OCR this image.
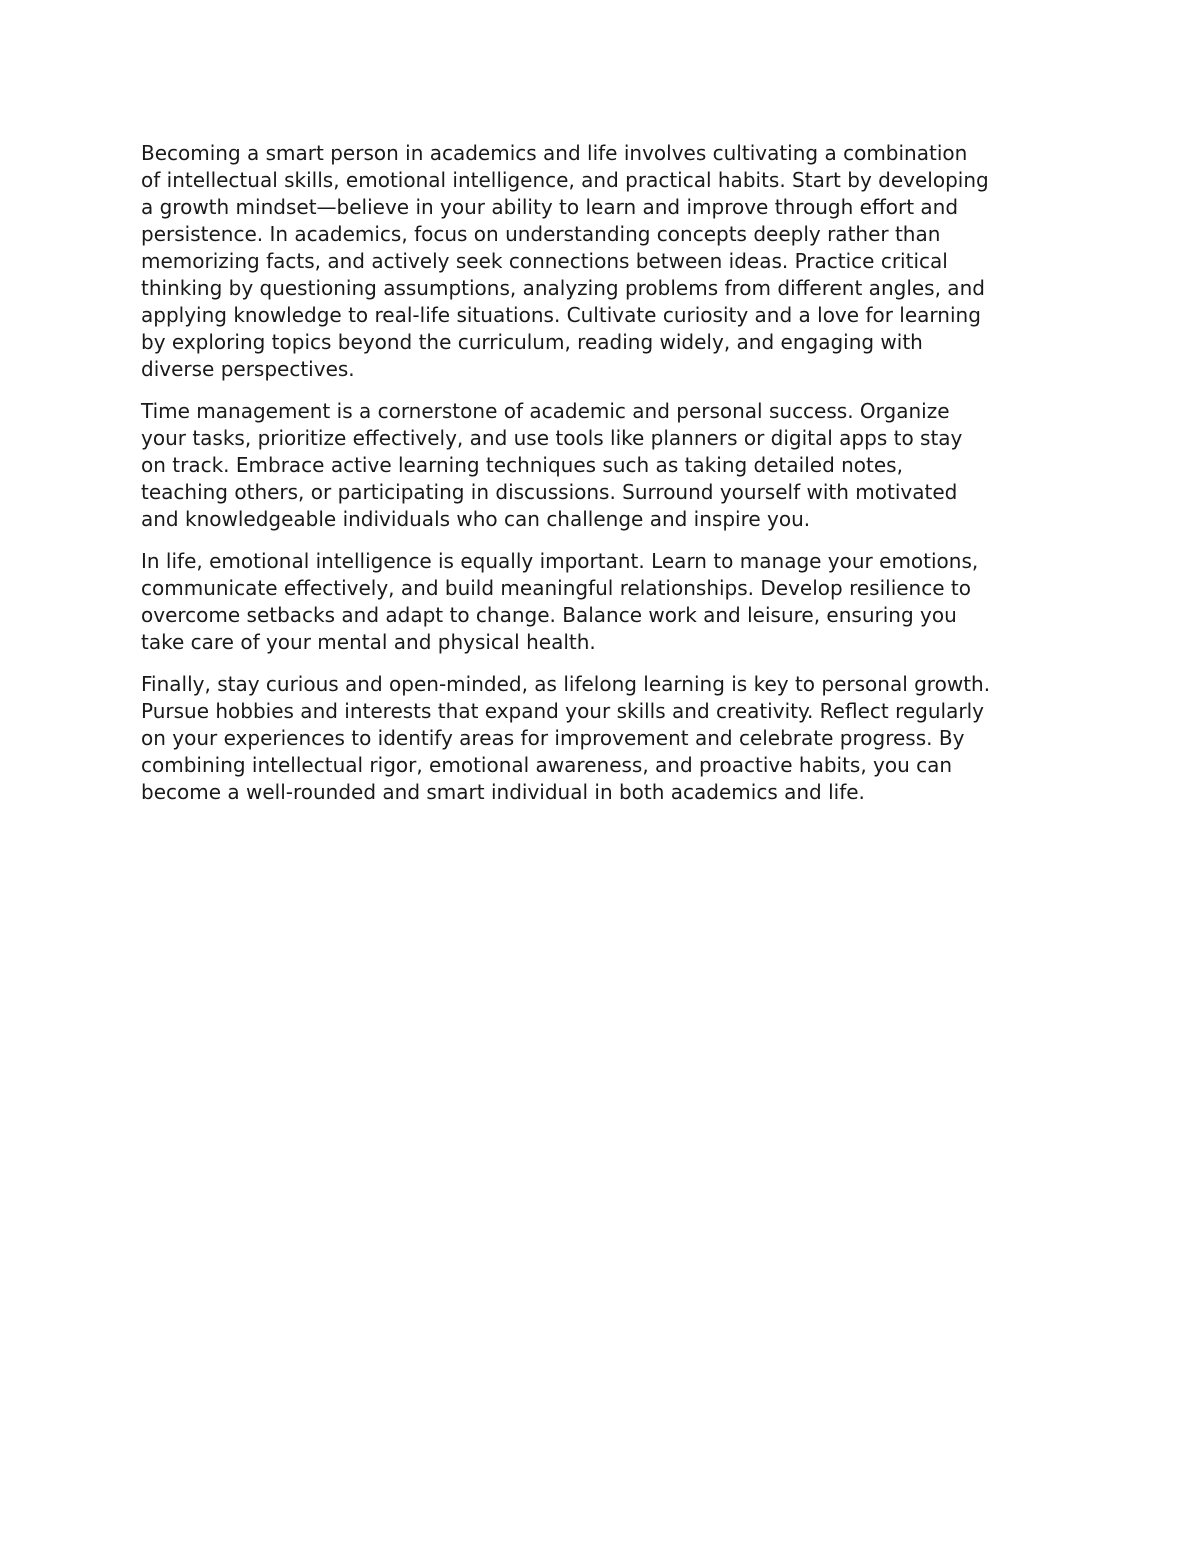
Becoming a smart person in academics and life involves cultivating a combination
of intellectual skills, emotional intelligence, and practical habits. Start by developing
a growth mindset—believe in your ability to learn and improve through effort and
persistence. In academics, focus on understanding concepts deeply rather than
memorizing facts, and actively seek connections between ideas. Practice critical
thinking by questioning assumptions, analyzing problems from different angles, and
applying knowledge to real-life situations. Cultivate curiosity and a love for learning
by exploring topics beyond the curriculum, reading widely, and engaging with
diverse perspectives.

Time management is a cornerstone of academic and personal success. Organize
your tasks, prioritize effectively, and use tools like planners or digital apps to stay
on track. Embrace active learning techniques such as taking detailed notes,
teaching others, or participating in discussions. Surround yourself with motivated
and knowledgeable individuals who can challenge and inspire you.

In life, emotional intelligence is equally important. Learn to manage your emotions,
communicate effectively, and build meaningful relationships. Develop resilience to
overcome setbacks and adapt to change. Balance work and leisure, ensuring you
take care of your mental and physical health.

Finally, stay curious and open-minded, as lifelong learning is key to personal growth.
Pursue hobbies and interests that expand your skills and creativity. Reflect regularly
on your experiences to identify areas for improvement and celebrate progress. By
combining intellectual rigor, emotional awareness, and proactive habits, you can
become a well-rounded and smart individual in both academics and life.
